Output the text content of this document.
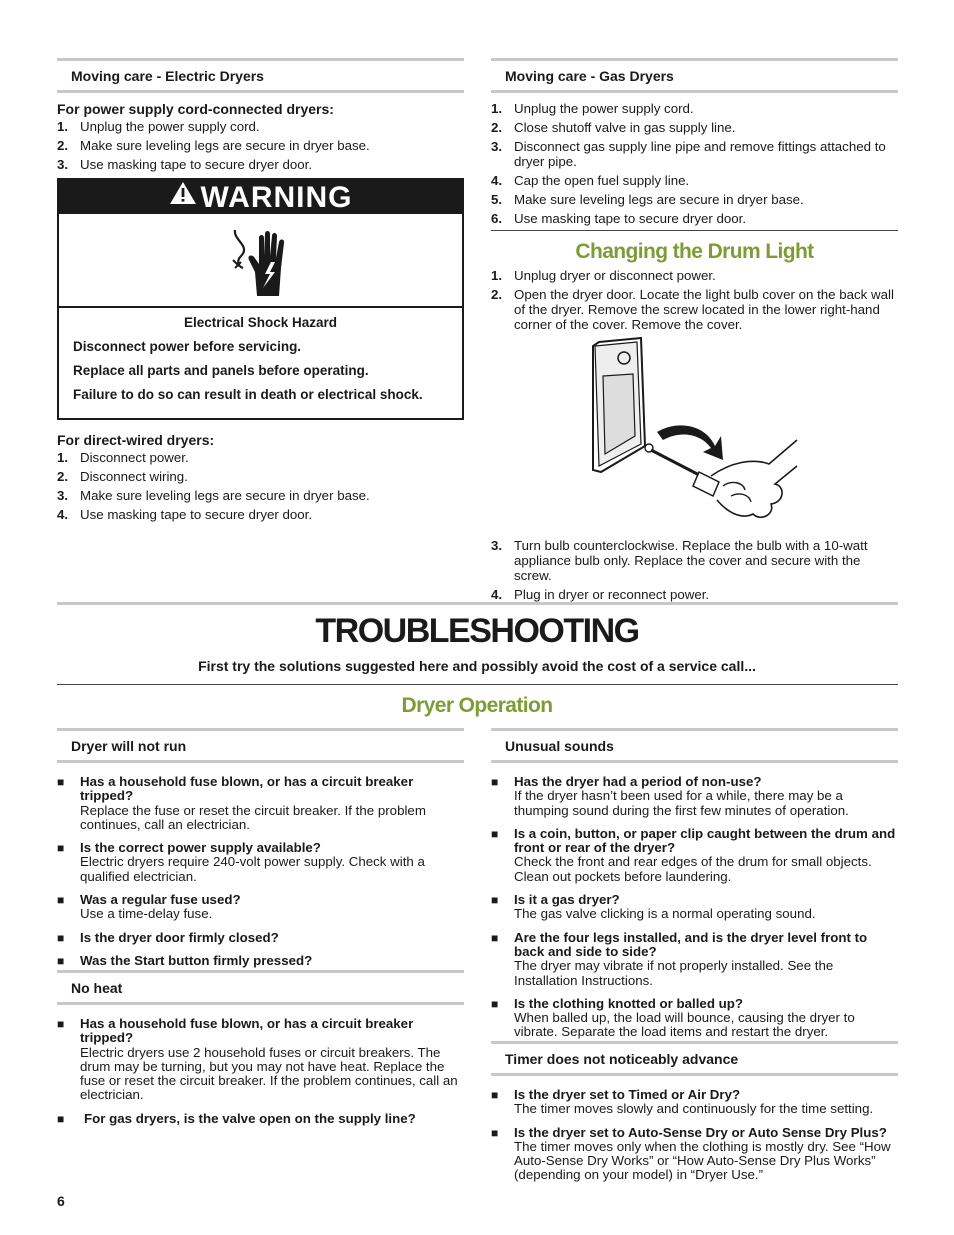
Moving care - Electric Dryers
For power supply cord-connected dryers:
1. Unplug the power supply cord.
2. Make sure leveling legs are secure in dryer base.
3. Use masking tape to secure dryer door.
WARNING

Electrical Shock Hazard

Disconnect power before servicing.

Replace all parts and panels before operating.

Failure to do so can result in death or electrical shock.

For direct-wired dryers:
1. Disconnect power.
2. Disconnect wiring.
3. Make sure leveling legs are secure in dryer base.
4. Use masking tape to secure dryer door.
Moving care - Gas Dryers
1. Unplug the power supply cord.
2. Close shutoff valve in gas supply line.
3. Disconnect gas supply line pipe and remove fittings attached to dryer pipe.
4. Cap the open fuel supply line.
5. Make sure leveling legs are secure in dryer base.
6. Use masking tape to secure dryer door.
Changing the Drum Light
1. Unplug dryer or disconnect power.
2. Open the dryer door. Locate the light bulb cover on the back wall of the dryer. Remove the screw located in the lower right-hand corner of the cover. Remove the cover.
3. Turn bulb counterclockwise. Replace the bulb with a 10-watt appliance bulb only. Replace the cover and secure with the screw.
4. Plug in dryer or reconnect power.
TROUBLESHOOTING
First try the solutions suggested here and possibly avoid the cost of a service call...
Dryer Operation
Dryer will not run
■ Has a household fuse blown, or has a circuit breaker tripped?
Replace the fuse or reset the circuit breaker. If the problem continues, call an electrician.
■ Is the correct power supply available?
Electric dryers require 240-volt power supply. Check with a qualified electrician.
■ Was a regular fuse used?
Use a time-delay fuse.
■ Is the dryer door firmly closed?
■ Was the Start button firmly pressed?
No heat
■ Has a household fuse blown, or has a circuit breaker tripped?
Electric dryers use 2 household fuses or circuit breakers. The drum may be turning, but you may not have heat. Replace the fuse or reset the circuit breaker. If the problem continues, call an electrician.
■	For gas dryers, is the valve open on the supply line?
Unusual sounds
■ Has the dryer had a period of non-use?
If the dryer hasn’t been used for a while, there may be a thumping sound during the first few minutes of operation.
■ Is a coin, button, or paper clip caught between the drum and front or rear of the dryer?
Check the front and rear edges of the drum for small objects. Clean out pockets before laundering.
■ Is it a gas dryer?
The gas valve clicking is a normal operating sound.
■ Are the four legs installed, and is the dryer level front to back and side to side?
The dryer may vibrate if not properly installed. See the Installation Instructions.
■ Is the clothing knotted or balled up?
When balled up, the load will bounce, causing the dryer to vibrate. Separate the load items and restart the dryer.
Timer does not noticeably advance
■ Is the dryer set to Timed or Air Dry?
The timer moves slowly and continuously for the time setting.
■ Is the dryer set to Auto-Sense Dry or Auto Sense Dry Plus?
The timer moves only when the clothing is mostly dry. See “How Auto-Sense Dry Works” or “How Auto-Sense Dry Plus Works” (depending on your model) in “Dryer Use.”
6
